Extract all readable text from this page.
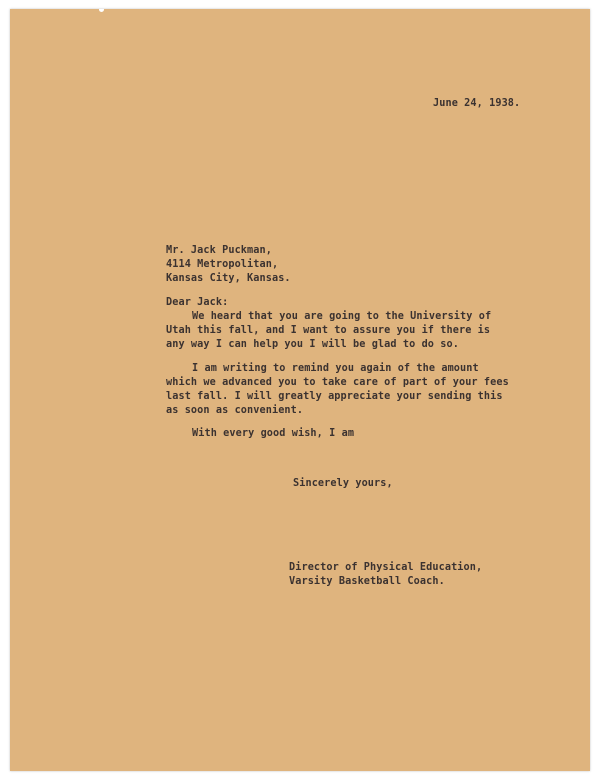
June 24, 1938.
Mr. Jack Puckman,
4114 Metropolitan,
Kansas City, Kansas.
Dear Jack:
We heard that you are going to the University of
Utah this fall, and I want to assure you if there is
any way I can help you I will be glad to do so.
I am writing to remind you again of the amount
which we advanced you to take care of part of your fees
last fall. I will greatly appreciate your sending this
as soon as convenient.
With every good wish, I am
Sincerely yours,
Director of Physical Education,
Varsity Basketball Coach.
